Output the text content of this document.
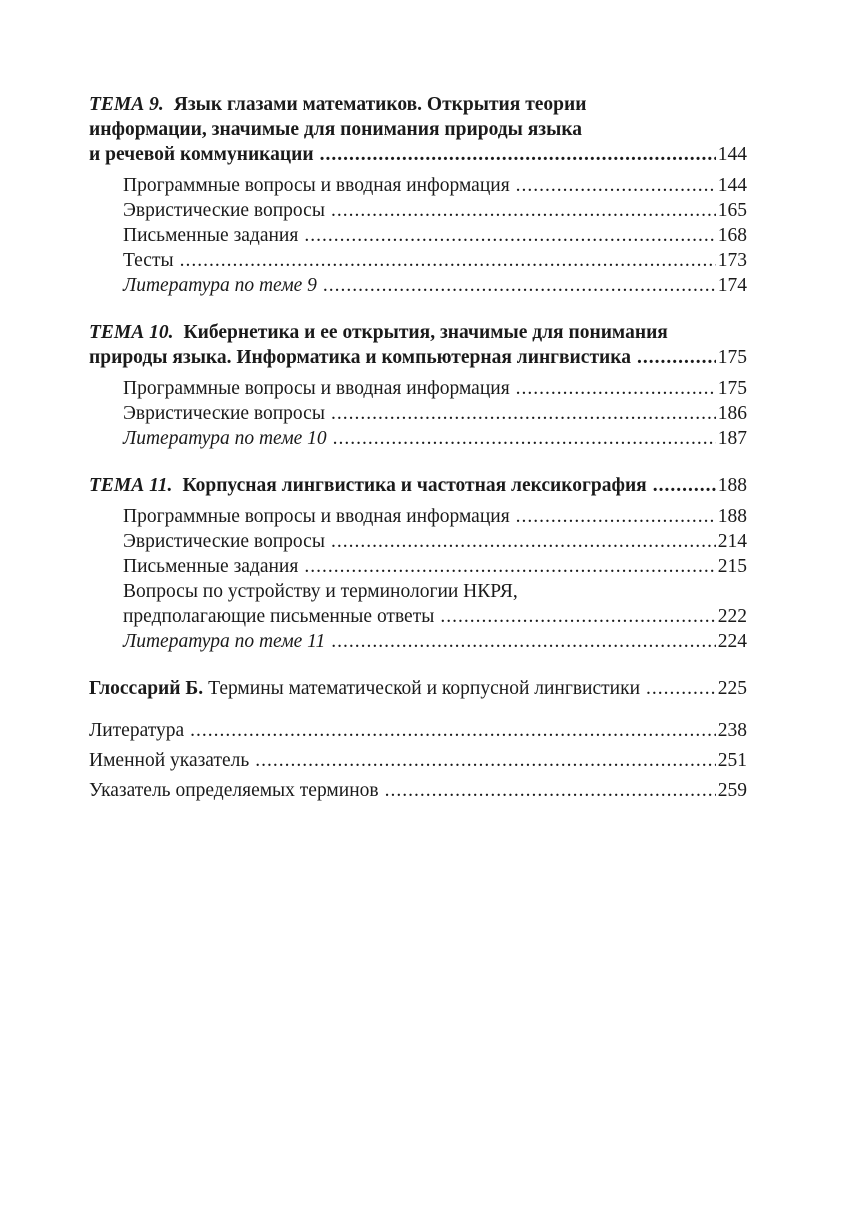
ТЕМА 9. Язык глазами математиков. Открытия теории
информации, значимые для понимания природы языка
и речевой коммуникации .....	144
Программные вопросы и вводная информация .....	144
Эвристические вопросы .....	165
Письменные задания .....	168
Тесты .....	173
Литература по теме 9 .....	174
ТЕМА 10. Кибернетика и ее открытия, значимые для понимания
природы языка. Информатика и компьютерная лингвистика .....	175
Программные вопросы и вводная информация .....	175
Эвристические вопросы .....	186
Литература по теме 10 .....	187
ТЕМА 11. Корпусная лингвистика и частотная лексикография .....	188
Программные вопросы и вводная информация .....	188
Эвристические вопросы .....	214
Письменные задания .....	215
Вопросы по устройству и терминологии НКРЯ,
предполагающие письменные ответы .....	222
Литература по теме 11 .....	224
Глоссарий Б. Термины математической и корпусной лингвистики .....	225
Литература .....	238
Именной указатель .....	251
Указатель определяемых терминов .....	259
